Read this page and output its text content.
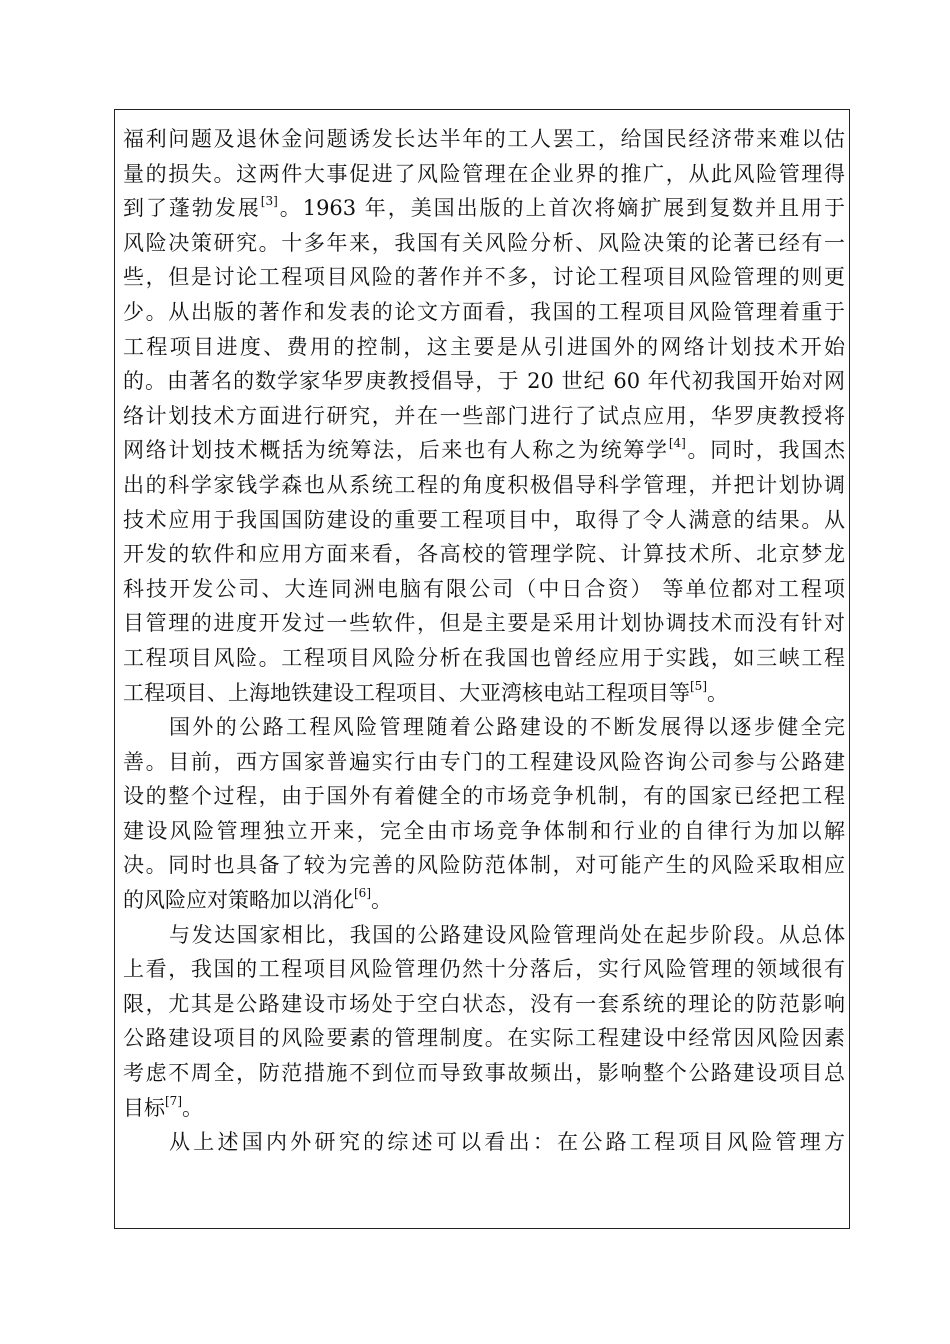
福利问题及退休金问题诱发长达半年的工人罢工，给国民经济带来难以估
量的损失。这两件大事促进了风险管理在企业界的推广，从此风险管理得
到了蓬勃发展[3]。1963 年，美国出版的上首次将嫡扩展到复数并且用于
风险决策研究。十多年来，我国有关风险分析、风险决策的论著已经有一
些，但是讨论工程项目风险的著作并不多，讨论工程项目风险管理的则更
少。从出版的著作和发表的论文方面看，我国的工程项目风险管理着重于
工程项目进度、费用的控制，这主要是从引进国外的网络计划技术开始
的。由著名的数学家华罗庚教授倡导，于 20 世纪 60 年代初我国开始对网
络计划技术方面进行研究，并在一些部门进行了试点应用，华罗庚教授将
网络计划技术概括为统筹法，后来也有人称之为统筹学[4]。同时，我国杰
出的科学家钱学森也从系统工程的角度积极倡导科学管理，并把计划协调
技术应用于我国国防建设的重要工程项目中，取得了令人满意的结果。从
开发的软件和应用方面来看，各高校的管理学院、计算技术所、北京梦龙
科技开发公司、大连同洲电脑有限公司（中日合资） 等单位都对工程项
目管理的进度开发过一些软件，但是主要是采用计划协调技术而没有针对
工程项目风险。工程项目风险分析在我国也曾经应用于实践，如三峡工程
工程项目、上海地铁建设工程项目、大亚湾核电站工程项目等[5]。
国外的公路工程风险管理随着公路建设的不断发展得以逐步健全完
善。目前，西方国家普遍实行由专门的工程建设风险咨询公司参与公路建
设的整个过程，由于国外有着健全的市场竞争机制，有的国家已经把工程
建设风险管理独立开来，完全由市场竞争体制和行业的自律行为加以解
决。同时也具备了较为完善的风险防范体制，对可能产生的风险采取相应
的风险应对策略加以消化[6]。
与发达国家相比，我国的公路建设风险管理尚处在起步阶段。从总体
上看，我国的工程项目风险管理仍然十分落后，实行风险管理的领域很有
限，尤其是公路建设市场处于空白状态，没有一套系统的理论的防范影响
公路建设项目的风险要素的管理制度。在实际工程建设中经常因风险因素
考虑不周全，防范措施不到位而导致事故频出，影响整个公路建设项目总
目标[7]。
从上述国内外研究的综述可以看出：在公路工程项目风险管理方
